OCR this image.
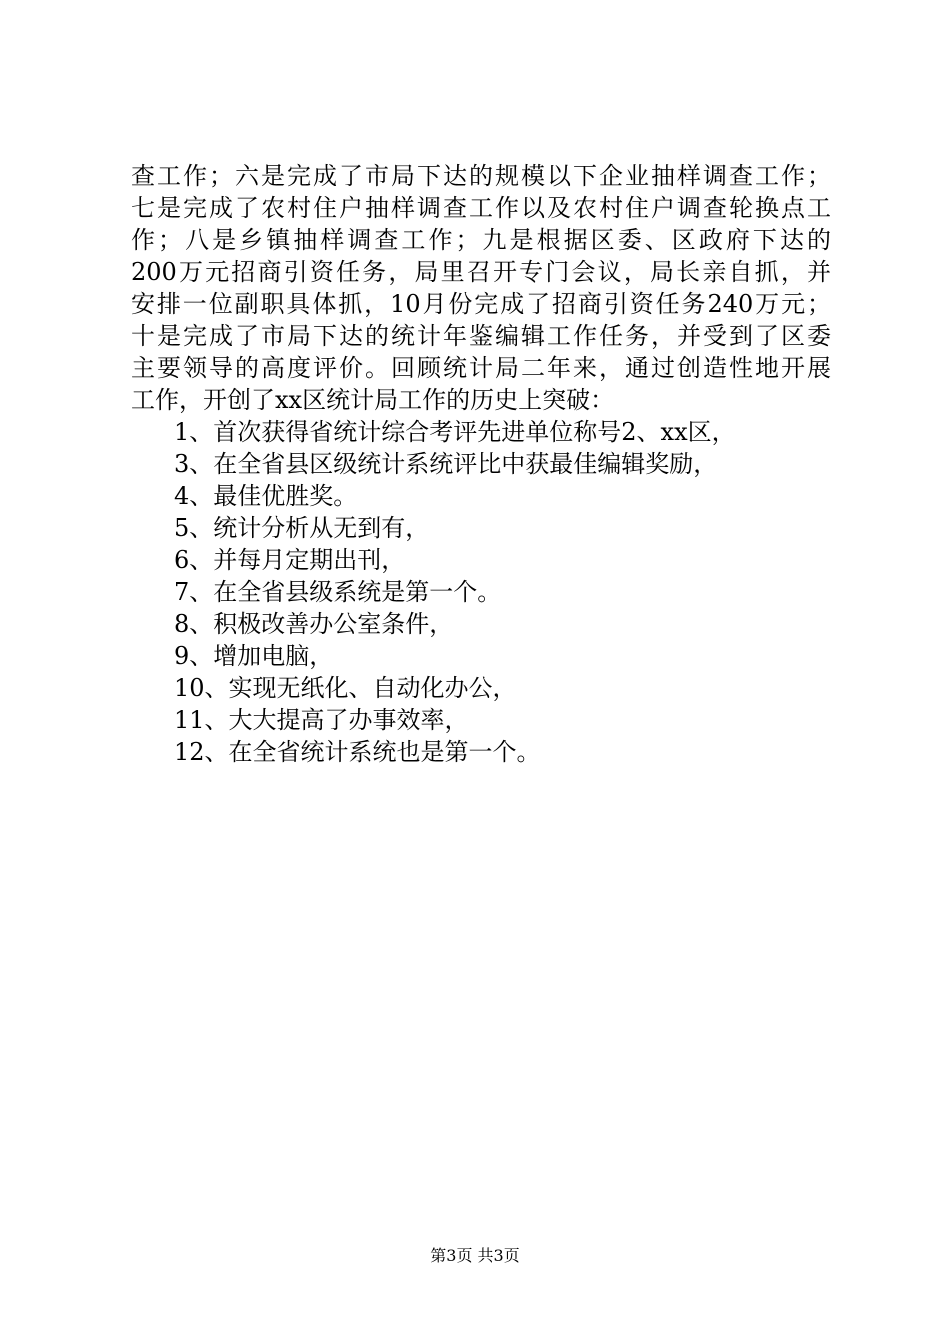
查工作；六是完成了市局下达的规模以下企业抽样调查工作；
七是完成了农村住户抽样调查工作以及农村住户调查轮换点工
作；八是乡镇抽样调查工作；九是根据区委、区政府下达的
200万元招商引资任务，局里召开专门会议，局长亲自抓，并
安排一位副职具体抓，10月份完成了招商引资任务240万元；
十是完成了市局下达的统计年鉴编辑工作任务，并受到了区委
主要领导的高度评价。回顾统计局二年来，通过创造性地开展
工作，开创了xx区统计局工作的历史上突破：
1、首次获得省统计综合考评先进单位称号2、xx区，
3、在全省县区级统计系统评比中获最佳编辑奖励，
4、最佳优胜奖。
5、统计分析从无到有，
6、并每月定期出刊，
7、在全省县级系统是第一个。
8、积极改善办公室条件，
9、增加电脑，
10、实现无纸化、自动化办公，
11、大大提高了办事效率，
12、在全省统计系统也是第一个。
第3页 共3页
